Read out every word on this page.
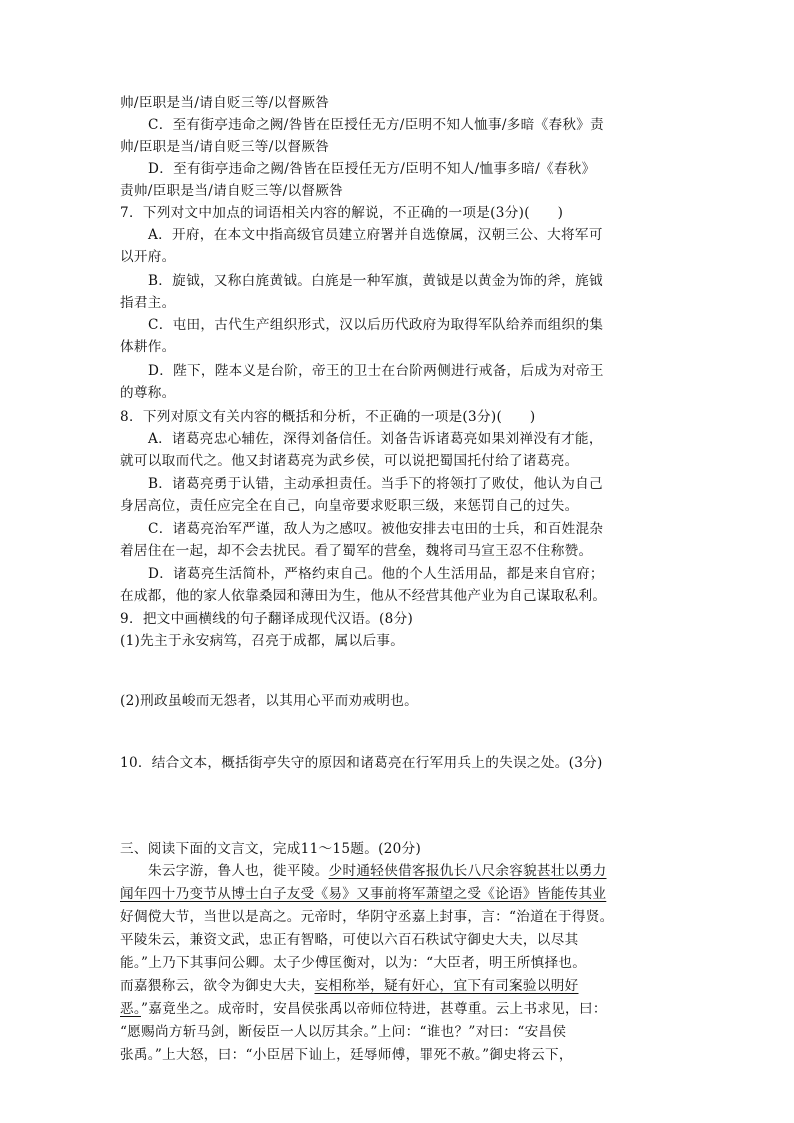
帅/臣职是当/请自贬三等/以督厥咎
C．至有街亭违命之阙/咎皆在臣授任无方/臣明不知人恤事/多暗《春秋》责
帅/臣职是当/请自贬三等/以督厥咎
D．至有街亭违命之阙/咎皆在臣授任无方/臣明不知人/恤事多暗/《春秋》
责帅/臣职是当/请自贬三等/以督厥咎
7．下列对文中加点的词语相关内容的解说，不正确的一项是(3分)(　　)
A．开府，在本文中指高级官员建立府署并自选僚属，汉朝三公、大将军可
以开府。
B．旋钺，又称白旄黄钺。白旄是一种军旗，黄钺是以黄金为饰的斧，旄钺
指君主。
C．屯田，古代生产组织形式，汉以后历代政府为取得军队给养而组织的集
体耕作。
D．陛下，陛本义是台阶，帝王的卫士在台阶两侧进行戒备，后成为对帝王
的尊称。
8．下列对原文有关内容的概括和分析，不正确的一项是(3分)(　　)
A．诸葛亮忠心辅佐，深得刘备信任。刘备告诉诸葛亮如果刘禅没有才能，
就可以取而代之。他又封诸葛亮为武乡侯，可以说把蜀国托付给了诸葛亮。
B．诸葛亮勇于认错，主动承担责任。当手下的将领打了败仗，他认为自己
身居高位，责任应完全在自己，向皇帝要求贬职三级，来惩罚自己的过失。
C．诸葛亮治军严谨，敌人为之感叹。被他安排去屯田的士兵，和百姓混杂
着居住在一起，却不会去扰民。看了蜀军的营垒，魏将司马宣王忍不住称赞。
D．诸葛亮生活简朴，严格约束自己。他的个人生活用品，都是来自官府；
在成都，他的家人依靠桑园和薄田为生，他从不经营其他产业为自己谋取私利。
9．把文中画横线的句子翻译成现代汉语。(8分)
(1)先主于永安病笃，召亮于成都，属以后事。
(2)刑政虽峻而无怨者，以其用心平而劝戒明也。
10．结合文本，概括街亭失守的原因和诸葛亮在行军用兵上的失误之处。(3分)
三、阅读下面的文言文，完成11～15题。(20分)
朱云字游，鲁人也，徙平陵。少时通轻侠借客报仇长八尺余容貌甚壮以勇力
闻年四十乃变节从博士白子友受《易》又事前将军萧望之受《论语》皆能传其业
好倜傥大节，当世以是高之。元帝时，华阴守丞嘉上封事，言：“治道在于得贤。
平陵朱云，兼资文武，忠正有智略，可使以六百石秩试守御史大夫，以尽其
能。”上乃下其事问公卿。太子少傅匡衡对，以为：“大臣者，明王所慎择也。
而嘉猥称云，欲令为御史大夫，妄相称举，疑有奸心，宜下有司案验以明好
恶。”嘉竟坐之。成帝时，安昌侯张禹以帝师位特进，甚尊重。云上书求见，曰：
“愿赐尚方斩马剑，断佞臣一人以厉其余。”上问：“谁也？”对曰：“安昌侯
张禹。”上大怒，曰：“小臣居下讪上，廷辱师傅，罪死不赦。”御史将云下，
